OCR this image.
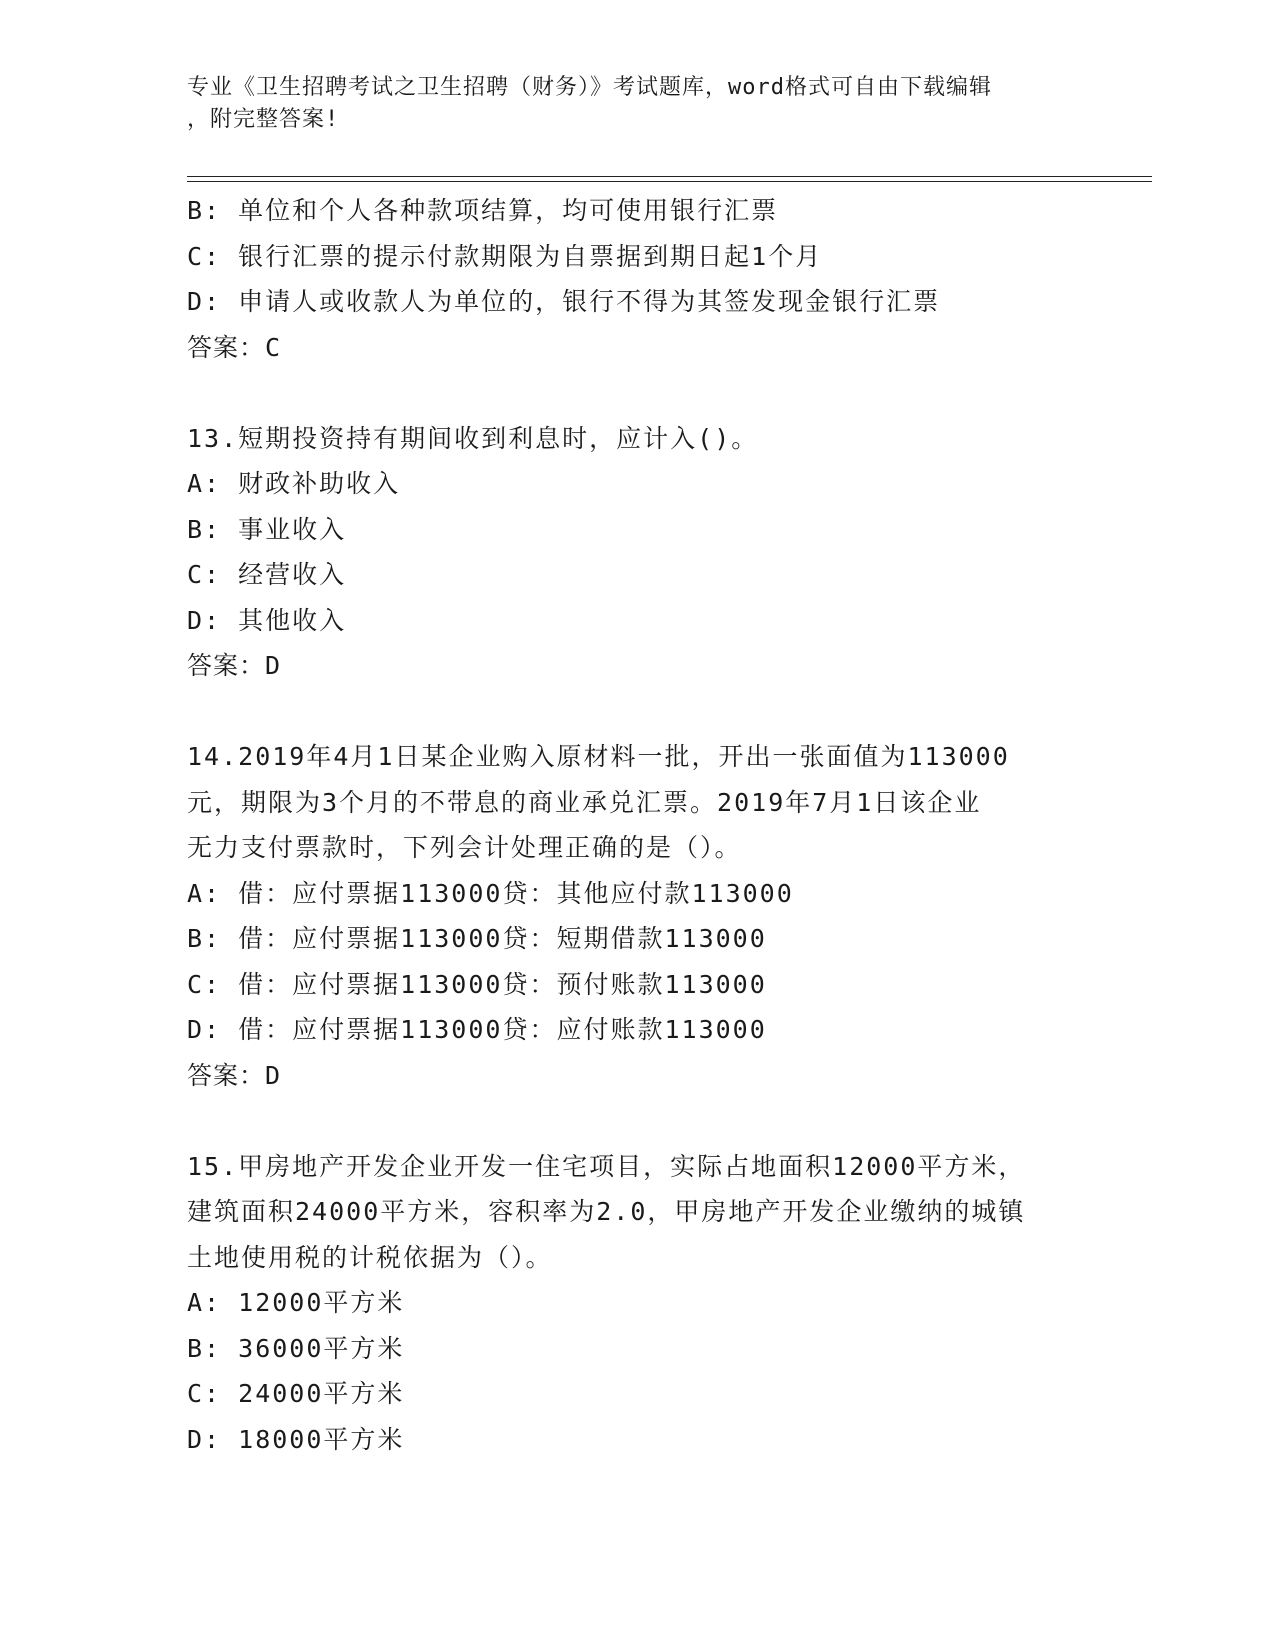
专业《卫生招聘考试之卫生招聘（财务）》考试题库，word格式可自由下载编辑
，附完整答案!
B: 单位和个人各种款项结算，均可使用银行汇票
C: 银行汇票的提示付款期限为自票据到期日起1个月
D: 申请人或收款人为单位的，银行不得为其签发现金银行汇票
答案：C
13.短期投资持有期间收到利息时，应计入()。
A: 财政补助收入
B: 事业收入
C: 经营收入
D: 其他收入
答案：D
14.2019年4月1日某企业购入原材料一批，开出一张面值为113000
元，期限为3个月的不带息的商业承兑汇票。2019年7月1日该企业
无力支付票款时，下列会计处理正确的是（）。
A: 借：应付票据113000贷：其他应付款113000
B: 借：应付票据113000贷：短期借款113000
C: 借：应付票据113000贷：预付账款113000
D: 借：应付票据113000贷：应付账款113000
答案：D
15.甲房地产开发企业开发一住宅项目，实际占地面积12000平方米，
建筑面积24000平方米，容积率为2.0，甲房地产开发企业缴纳的城镇
土地使用税的计税依据为（）。
A: 12000平方米
B: 36000平方米
C: 24000平方米
D: 18000平方米
